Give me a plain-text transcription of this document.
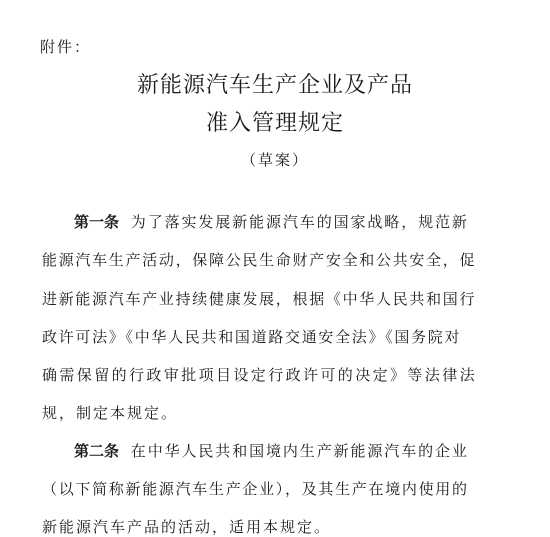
附件：
新能源汽车生产企业及产品
准入管理规定
（草案）
第一条 为了落实发展新能源汽车的国家战略，规范新
能源汽车生产活动，保障公民生命财产安全和公共安全，促
进新能源汽车产业持续健康发展，根据《中华人民共和国行
政许可法》《中华人民共和国道路交通安全法》《国务院对
确需保留的行政审批项目设定行政许可的决定》等法律法
规，制定本规定。
第二条 在中华人民共和国境内生产新能源汽车的企业
（以下简称新能源汽车生产企业），及其生产在境内使用的
新能源汽车产品的活动，适用本规定。
